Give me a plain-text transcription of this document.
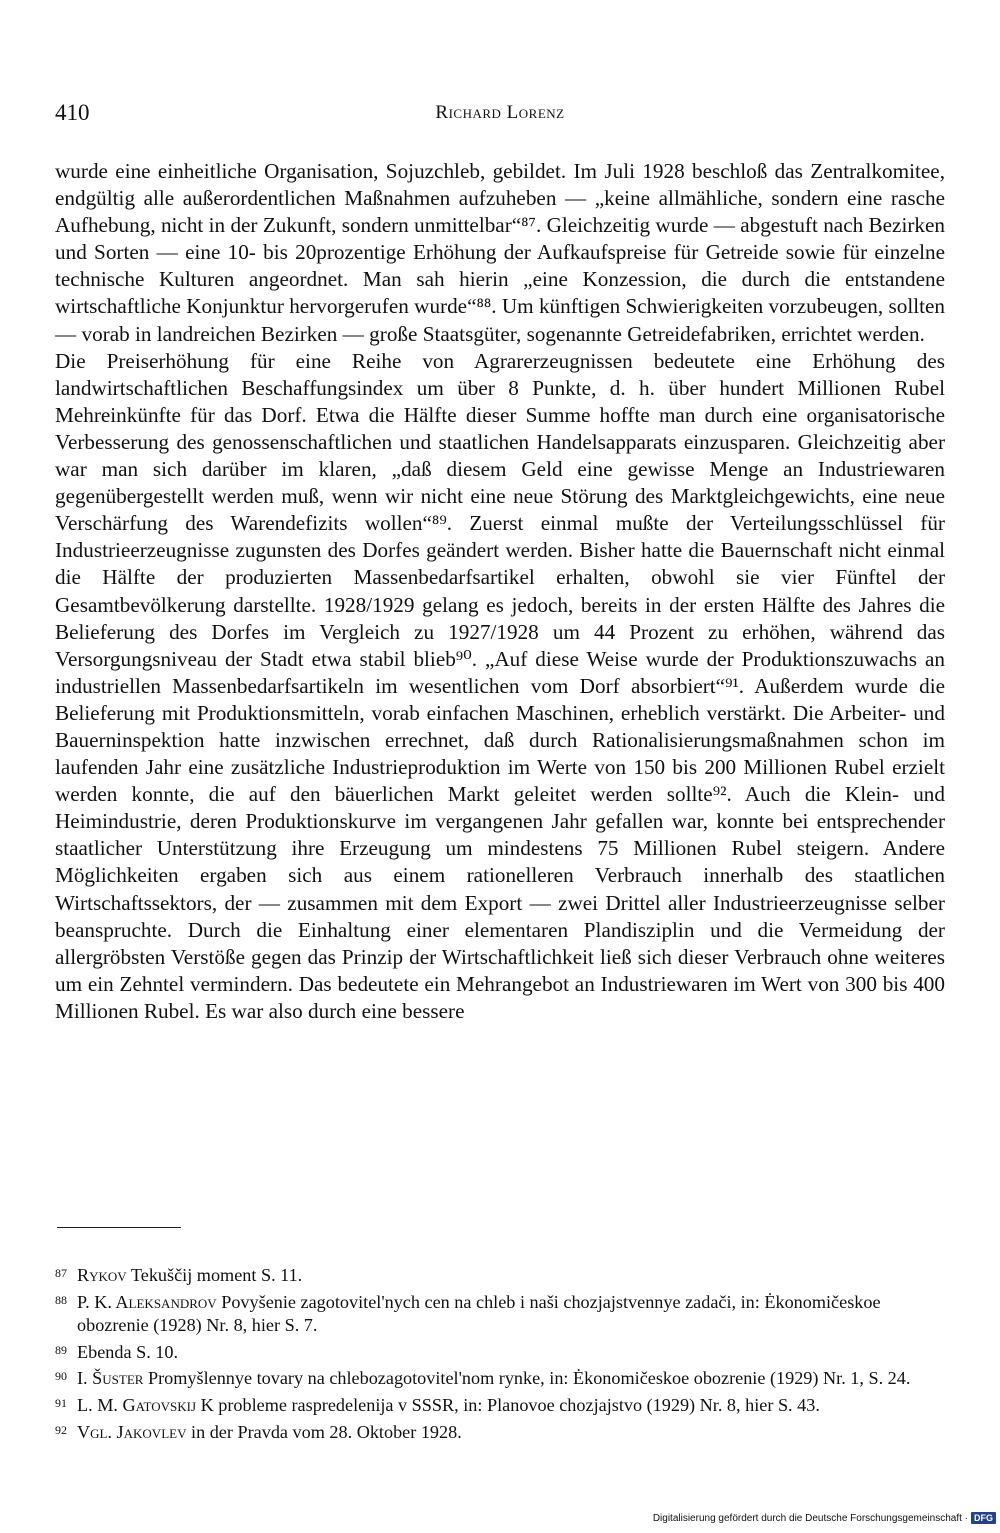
410	Richard Lorenz

wurde eine einheitliche Organisation, Sojuzchleb, gebildet. Im Juli 1928 beschloß das Zentralkomitee, endgültig alle außerordentlichen Maßnahmen aufzuheben — „keine allmähliche, sondern eine rasche Aufhebung, nicht in der Zukunft, sondern unmittelbar“⁸⁷. Gleichzeitig wurde — abgestuft nach Bezirken und Sorten — eine 10- bis 20prozentige Erhöhung der Aufkaufspreise für Getreide sowie für einzelne technische Kulturen angeordnet. Man sah hierin „eine Konzession, die durch die entstandene wirtschaftliche Konjunktur hervorgerufen wurde“⁸⁸. Um künftigen Schwierigkeiten vorzubeugen, sollten — vorab in landreichen Bezirken — große Staatsgüter, sogenannte Getreidefabriken, errichtet werden.

Die Preiserhöhung für eine Reihe von Agrarerzeugnissen bedeutete eine Erhöhung des landwirtschaftlichen Beschaffungsindex um über 8 Punkte, d. h. über hundert Millionen Rubel Mehreinkünfte für das Dorf. Etwa die Hälfte dieser Summe hoffte man durch eine organisatorische Verbesserung des genossenschaftlichen und staatlichen Handelsapparats einzusparen. Gleichzeitig aber war man sich darüber im klaren, „daß diesem Geld eine gewisse Menge an Industriewaren gegenübergestellt werden muß, wenn wir nicht eine neue Störung des Marktgleichgewichts, eine neue Verschärfung des Warendefizits wollen“⁸⁹. Zuerst einmal mußte der Verteilungsschlüssel für Industrieerzeugnisse zugunsten des Dorfes geändert werden. Bisher hatte die Bauernschaft nicht einmal die Hälfte der produzierten Massenbedarfsartikel erhalten, obwohl sie vier Fünftel der Gesamtbevölkerung darstellte. 1928/1929 gelang es jedoch, bereits in der ersten Hälfte des Jahres die Belieferung des Dorfes im Vergleich zu 1927/1928 um 44 Prozent zu erhöhen, während das Versorgungsniveau der Stadt etwa stabil blieb⁹⁰. „Auf diese Weise wurde der Produktionszuwachs an industriellen Massenbedarfsartikeln im wesentlichen vom Dorf absorbiert“⁹¹. Außerdem wurde die Belieferung mit Produktionsmitteln, vorab einfachen Maschinen, erheblich verstärkt. Die Arbeiter- und Bauerninspektion hatte inzwischen errechnet, daß durch Rationalisierungsmaßnahmen schon im laufenden Jahr eine zusätzliche Industrieproduktion im Werte von 150 bis 200 Millionen Rubel erzielt werden konnte, die auf den bäuerlichen Markt geleitet werden sollte⁹². Auch die Klein- und Heimindustrie, deren Produktionskurve im vergangenen Jahr gefallen war, konnte bei entsprechender staatlicher Unterstützung ihre Erzeugung um mindestens 75 Millionen Rubel steigern. Andere Möglichkeiten ergaben sich aus einem rationelleren Verbrauch innerhalb des staatlichen Wirtschaftssektors, der — zusammen mit dem Export — zwei Drittel aller Industrieerzeugnisse selber beanspruchte. Durch die Einhaltung einer elementaren Plandisziplin und die Vermeidung der allergröbsten Verstöße gegen das Prinzip der Wirtschaftlichkeit ließ sich dieser Verbrauch ohne weiteres um ein Zehntel vermindern. Das bedeutete ein Mehrangebot an Industriewaren im Wert von 300 bis 400 Millionen Rubel. Es war also durch eine bessere

87 Rykov Tekuščij moment S. 11.

88 P. K. Aleksandrov Povyšenie zagotovitel'nych cen na chleb i naši chozjajstvennye zadači, in: Ėkonomičeskoe obozrenie (1928) Nr. 8, hier S. 7.

89 Ebenda S. 10.

90 I. Šuster Promyšlennye tovary na chlebozagotovitel'nom rynke, in: Ėkonomičeskoe obozrenie (1929) Nr. 1, S. 24.

91 L. M. Gatovskij K probleme raspredelenija v SSSR, in: Planovoe chozjajstvo (1929) Nr. 8, hier S. 43.

92 Vgl. Jakovlev in der Pravda vom 28. Oktober 1928.

Digitalisierung gefördert durch die Deutsche Forschungsgemeinschaft · DFG
